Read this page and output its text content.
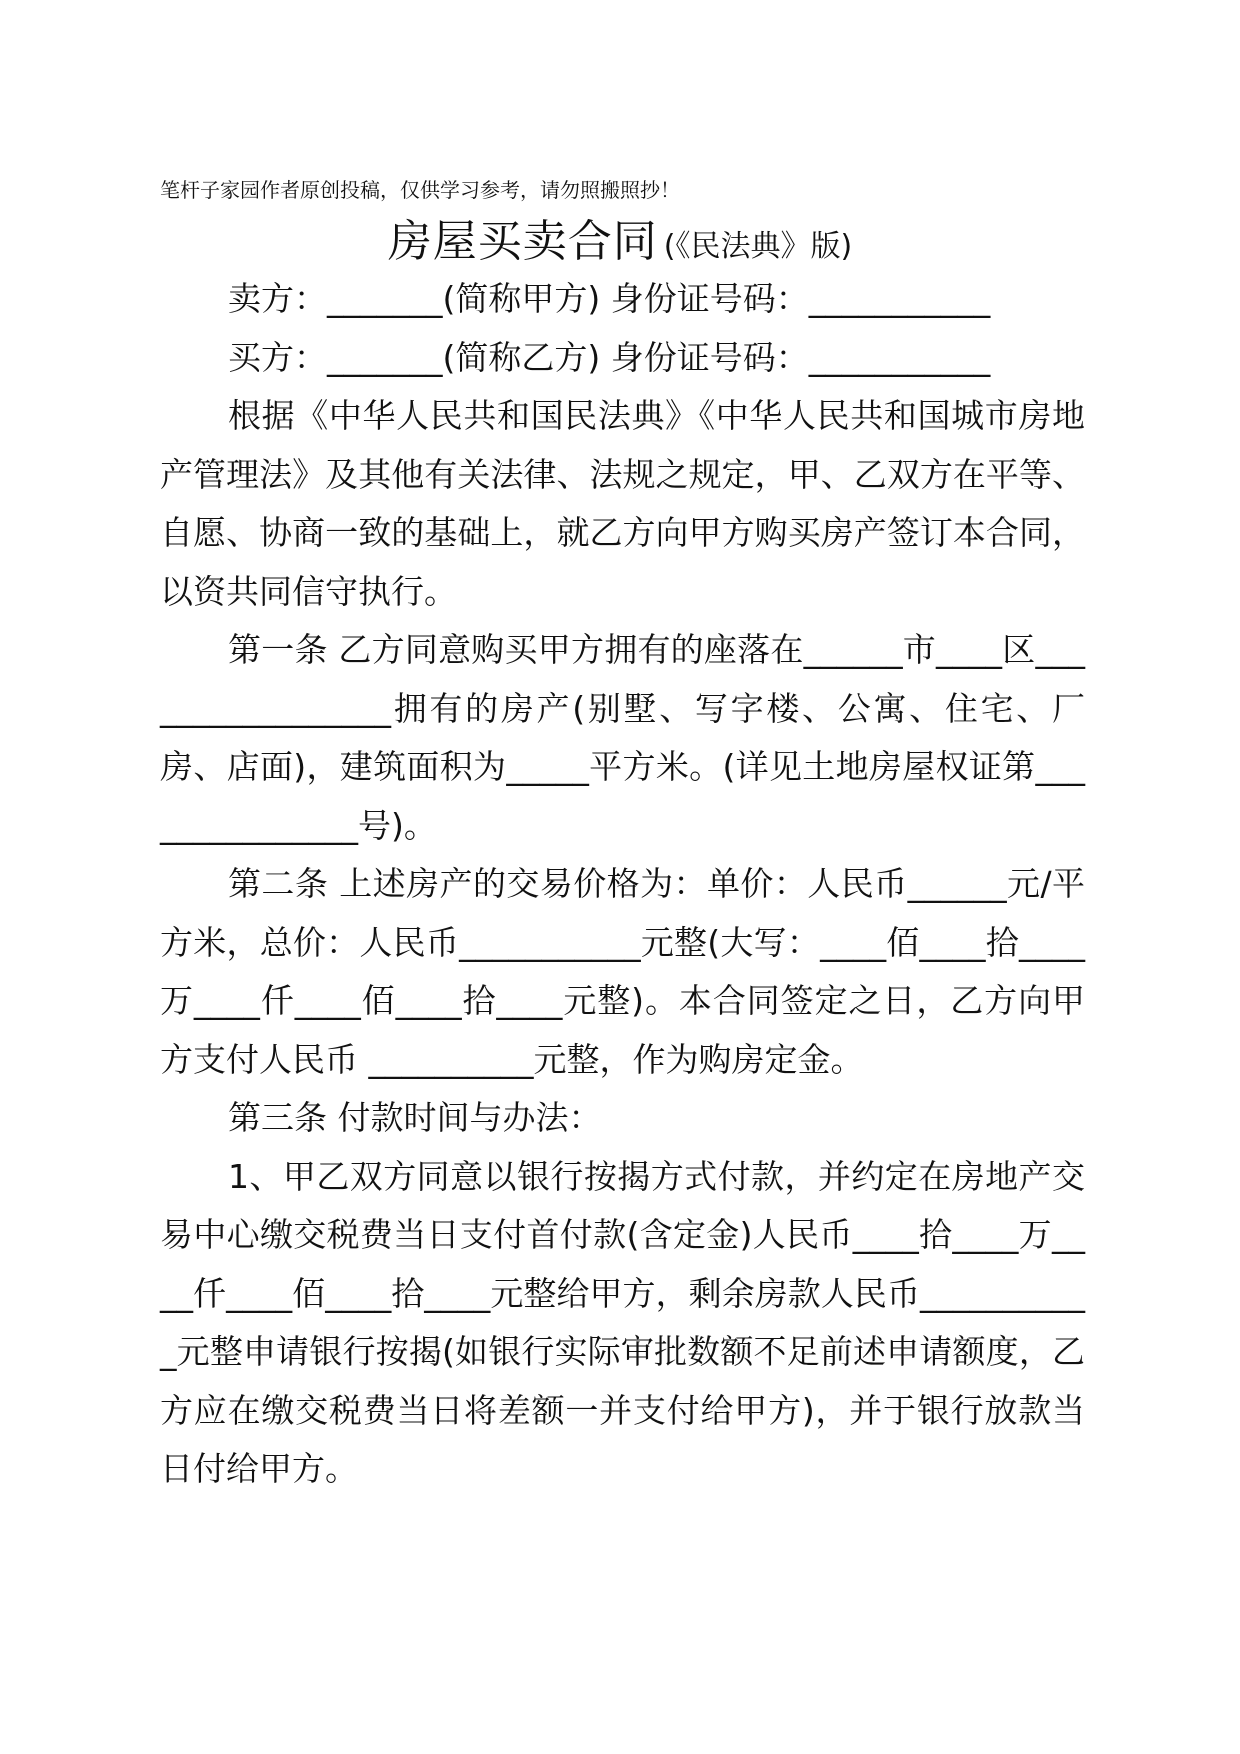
笔杆子家园作者原创投稿，仅供学习参考，请勿照搬照抄！
房屋买卖合同 (《民法典》版)

卖方：_______(简称甲方) 身份证号码：___________

买方：_______(简称乙方) 身份证号码：___________

根据《中华人民共和国民法典》《中华人民共和国城市房地产管理法》及其他有关法律、法规之规定，甲、乙双方在平等、自愿、协商一致的基础上，就乙方向甲方购买房产签订本合同，以资共同信守执行。

第一条 乙方同意购买甲方拥有的座落在______市____区_________________拥有的房产(别墅、写字楼、公寓、住宅、厂房、店面)，建筑面积为_____平方米。(详见土地房屋权证第_______________号)。

第二条 上述房产的交易价格为：单价：人民币______元/平方米，总价：人民币___________元整(大写：____佰____拾____万____仟____佰____拾____元整)。本合同签定之日，乙方向甲方支付人民币 __________元整，作为购房定金。

第三条 付款时间与办法：

1、甲乙双方同意以银行按揭方式付款，并约定在房地产交易中心缴交税费当日支付首付款(含定金)人民币____拾____万____仟____佰____拾____元整给甲方，剩余房款人民币___________元整申请银行按揭(如银行实际审批数额不足前述申请额度，乙方应在缴交税费当日将差额一并支付给甲方)，并于银行放款当日付给甲方。
